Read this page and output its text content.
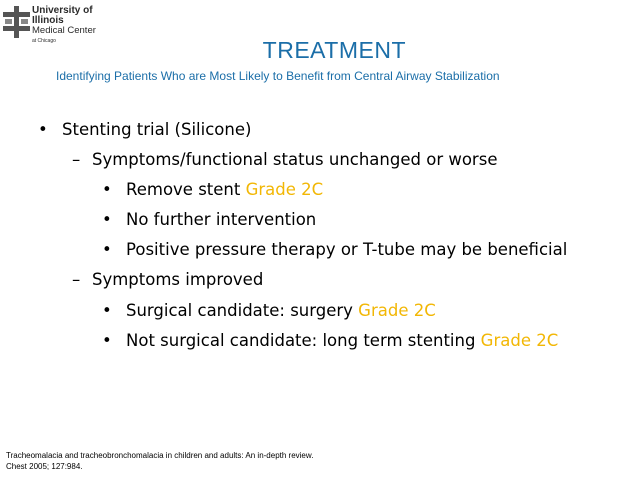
University of
Illinois
Medical Center
at Chicago	TREATMENT
Identifying Patients Who are Most Likely to Benefit from Central Airway Stabilization
• Stenting trial (Silicone)
– Symptoms/functional status unchanged or worse
• Remove stent Grade 2C
• No further intervention
• Positive pressure therapy or T-tube may be beneficial
– Symptoms improved
• Surgical candidate: surgery Grade 2C
• Not surgical candidate: long term stenting Grade 2C
Tracheomalacia and tracheobronchomalacia in children and adults: An in-depth review.
Chest 2005; 127:984.
